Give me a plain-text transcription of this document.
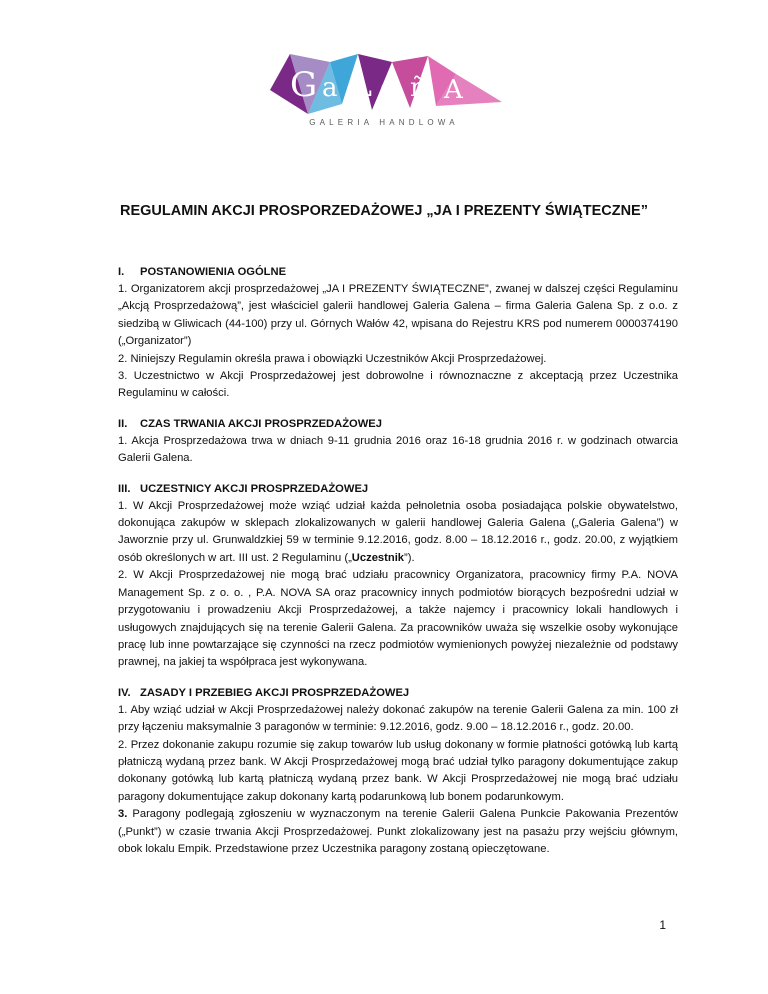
G a L e ñ A
GALERIA HANDLOWA
REGULAMIN AKCJI PROSPORZEDAŻOWEJ „JA I PREZENTY ŚWIĄTECZNE”
I. POSTANOWIENIA OGÓLNE

1. Organizatorem akcji prosprzedażowej „JA I PREZENTY ŚWIĄTECZNE”, zwanej w dalszej części Regulaminu „Akcją Prosprzedażową”, jest właściciel galerii handlowej Galeria Galena – firma Galeria Galena Sp. z o.o. z siedzibą w Gliwicach (44-100) przy ul. Górnych Wałów 42, wpisana do Rejestru KRS pod numerem 0000374190 („Organizator”)

2. Niniejszy Regulamin określa prawa i obowiązki Uczestników Akcji Prosprzedażowej.

3. Uczestnictwo w Akcji Prosprzedażowej jest dobrowolne i równoznaczne z akceptacją przez Uczestnika Regulaminu w całości.

II. CZAS TRWANIA AKCJI PROSPRZEDAŻOWEJ

1. Akcja Prosprzedażowa trwa w dniach 9-11 grudnia 2016 oraz 16-18 grudnia 2016 r. w godzinach otwarcia Galerii Galena.

III. UCZESTNICY AKCJI PROSPRZEDAŻOWEJ

1. W Akcji Prosprzedażowej może wziąć udział każda pełnoletnia osoba posiadająca polskie obywatelstwo, dokonująca zakupów w sklepach zlokalizowanych w galerii handlowej Galeria Galena („Galeria Galena”) w Jaworznie przy ul. Grunwaldzkiej 59 w terminie 9.12.2016, godz. 8.00 – 18.12.2016 r., godz. 20.00, z wyjątkiem osób określonych w art. III ust. 2 Regulaminu („Uczestnik”).

2. W Akcji Prosprzedażowej nie mogą brać udziału pracownicy Organizatora, pracownicy firmy P.A. NOVA Management Sp. z o. o. , P.A. NOVA SA oraz pracownicy innych podmiotów biorących bezpośredni udział w przygotowaniu i prowadzeniu Akcji Prosprzedażowej, a także najemcy i pracownicy lokali handlowych i usługowych znajdujących się na terenie Galerii Galena. Za pracowników uważa się wszelkie osoby wykonujące pracę lub inne powtarzające się czynności na rzecz podmiotów wymienionych powyżej niezależnie od podstawy prawnej, na jakiej ta współpraca jest wykonywana.

IV. ZASADY I PRZEBIEG AKCJI PROSPRZEDAŻOWEJ

1. Aby wziąć udział w Akcji Prosprzedażowej należy dokonać zakupów na terenie Galerii Galena za min. 100 zł przy łączeniu maksymalnie 3 paragonów w terminie: 9.12.2016, godz. 9.00 – 18.12.2016 r., godz. 20.00.

2. Przez dokonanie zakupu rozumie się zakup towarów lub usług dokonany w formie płatności gotówką lub kartą płatniczą wydaną przez bank. W Akcji Prosprzedażowej mogą brać udział tylko paragony dokumentujące zakup dokonany gotówką lub kartą płatniczą wydaną przez bank. W Akcji Prosprzedażowej nie mogą brać udziału paragony dokumentujące zakup dokonany kartą podarunkową lub bonem podarunkowym.

3. Paragony podlegają zgłoszeniu w wyznaczonym na terenie Galerii Galena Punkcie Pakowania Prezentów („Punkt”) w czasie trwania Akcji Prosprzedażowej. Punkt zlokalizowany jest na pasażu przy wejściu głównym, obok lokalu Empik. Przedstawione przez Uczestnika paragony zostaną opieczętowane.

1
